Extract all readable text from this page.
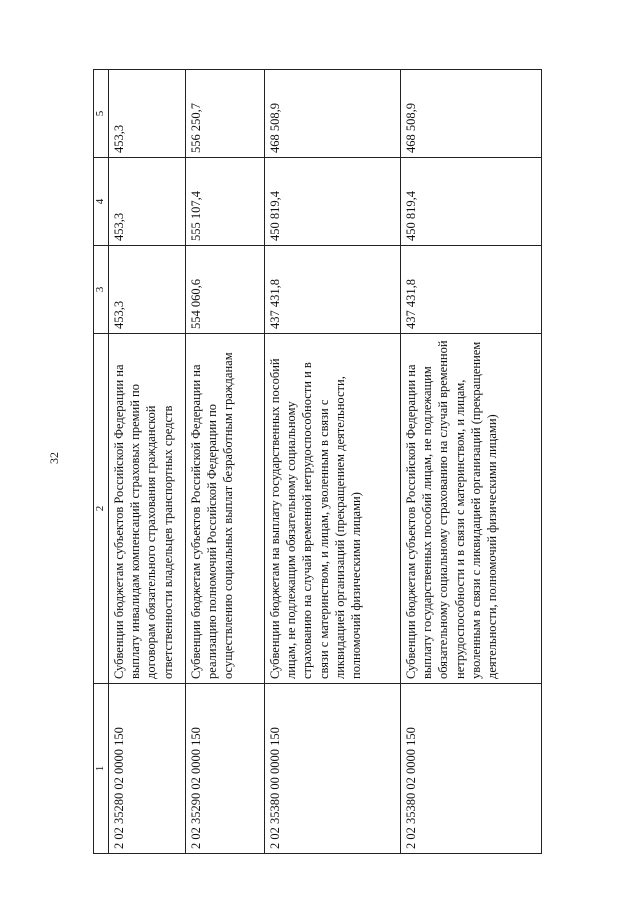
32
1	2	3	4	5
2 02 35280 02 0000 150	Субвенции бюджетам субъектов Российской Федерации на выплату инвалидам компенсаций страховых премий по договорам обязательного страхования гражданской ответственности владельцев транспортных средств	453,3	453,3	453,3
2 02 35290 02 0000 150	Субвенции бюджетам субъектов Российской Федерации на реализацию полномочий Российской Федерации по осуществлению социальных выплат безработным гражданам	554 060,6	555 107,4	556 250,7
2 02 35380 00 0000 150	Субвенции бюджетам на выплату государственных пособий лицам, не подлежащим обязательному социальному страхованию на случай временной нетрудоспособности и в связи с материнством, и лицам, уволенным в связи с ликвидацией организаций (прекращением деятельности, полномочий физическими лицами)	437 431,8	450 819,4	468 508,9
2 02 35380 02 0000 150	Субвенции бюджетам субъектов Российской Федерации на выплату государственных пособий лицам, не подлежащим обязательному социальному страхованию на случай временной нетрудоспособности и в связи с материнством, и лицам, уволенным в связи с ликвидацией организаций (прекращением деятельности, полномочий физическими лицами)	437 431,8	450 819,4	468 508,9
